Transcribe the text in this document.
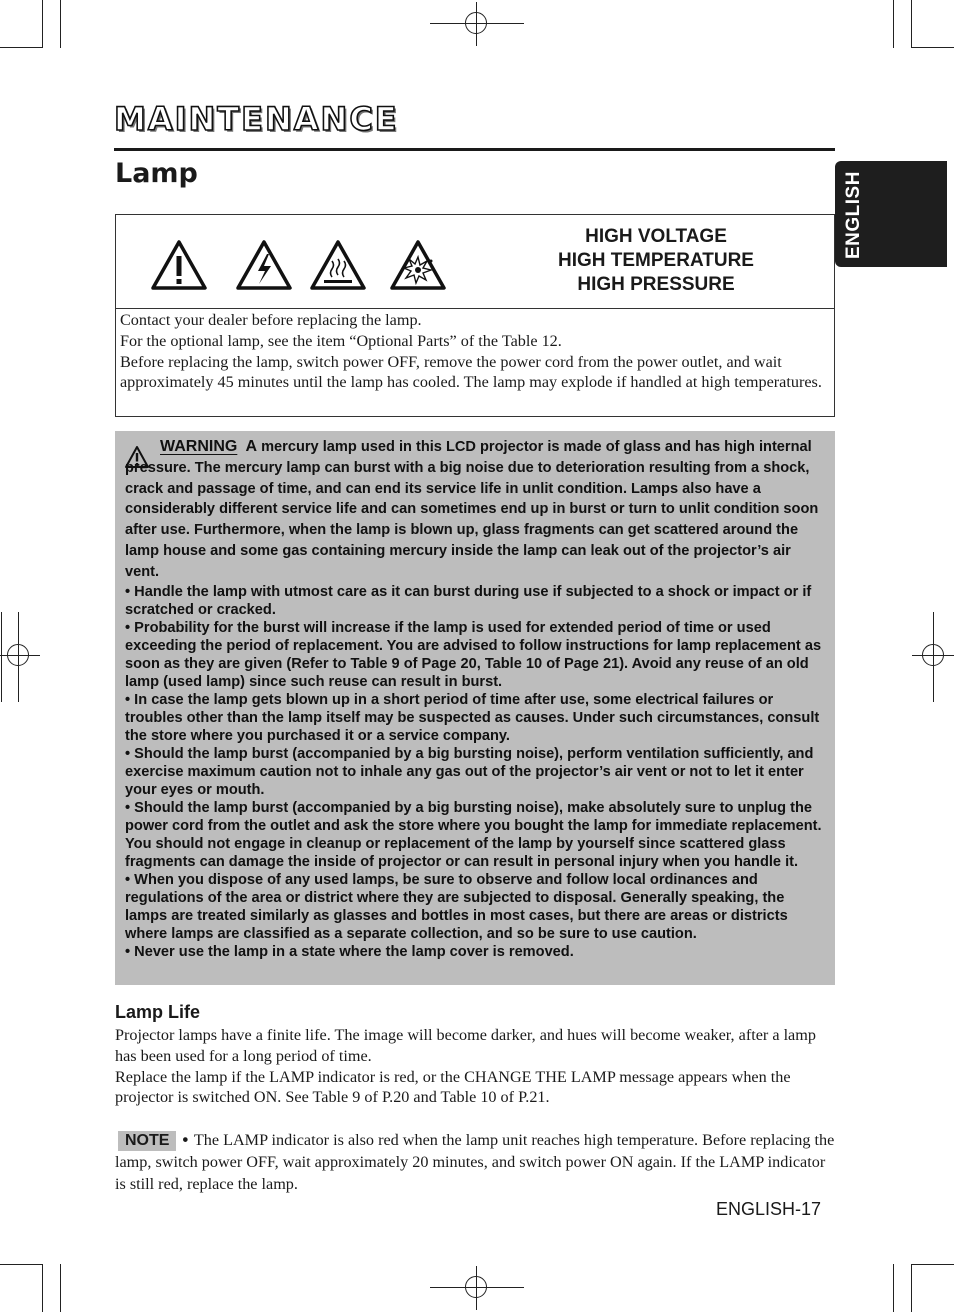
ENGLISH
MAINTENANCE
Lamp
HIGH VOLTAGE
HIGH TEMPERATURE
HIGH PRESSURE

Contact your dealer before replacing the lamp.

For the optional lamp, see the item “Optional Parts” of the Table 12.

Before replacing the lamp, switch power OFF, remove the power cord from the power outlet, and wait approximately 45 minutes until the lamp has cooled. The lamp may explode if handled at high temperatures.

WARNING A mercury lamp used in this LCD projector is made of glass and has high internal pressure. The mercury lamp can burst with a big noise due to deterioration resulting from a shock, crack and passage of time, and can end its service life in unlit condition. Lamps also have a considerably different service life and can sometimes end up in burst or turn to unlit condition soon after use. Furthermore, when the lamp is blown up, glass fragments can get scattered around the lamp house and some gas containing mercury inside the lamp can leak out of the projector’s air vent.

• Handle the lamp with utmost care as it can burst during use if subjected to a shock or impact or if scratched or cracked.

• Probability for the burst will increase if the lamp is used for extended period of time or used exceeding the period of replacement. You are advised to follow instructions for lamp replacement as soon as they are given (Refer to Table 9 of Page 20, Table 10 of Page 21). Avoid any reuse of an old lamp (used lamp) since such reuse can result in burst.

• In case the lamp gets blown up in a short period of time after use, some electrical failures or troubles other than the lamp itself may be suspected as causes. Under such circumstances, consult the store where you purchased it or a service company.

• Should the lamp burst (accompanied by a big bursting noise), perform ventilation sufficiently, and exercise maximum caution not to inhale any gas out of the projector’s air vent or not to let it enter your eyes or mouth.

• Should the lamp burst (accompanied by a big bursting noise), make absolutely sure to unplug the power cord from the outlet and ask the store where you bought the lamp for immediate replacement. You should not engage in cleanup or replacement of the lamp by yourself since scattered glass fragments can damage the inside of projector or can result in personal injury when you handle it.

• When you dispose of any used lamps, be sure to observe and follow local ordinances and regulations of the area or district where they are subjected to disposal. Generally speaking, the lamps are treated similarly as glasses and bottles in most cases, but there are areas or districts where lamps are classified as a separate collection, and so be sure to use caution.

• Never use the lamp in a state where the lamp cover is removed.

Lamp Life

Projector lamps have a finite life. The image will become darker, and hues will become weaker, after a lamp has been used for a long period of time.

Replace the lamp if the LAMP indicator is red, or the CHANGE THE LAMP message appears when the projector is switched ON. See Table 9 of P.20 and Table 10 of P.21.

NOTE • The LAMP indicator is also red when the lamp unit reaches high temperature. Before replacing the lamp, switch power OFF, wait approximately 20 minutes, and switch power ON again. If the LAMP indicator is still red, replace the lamp.
ENGLISH-17
